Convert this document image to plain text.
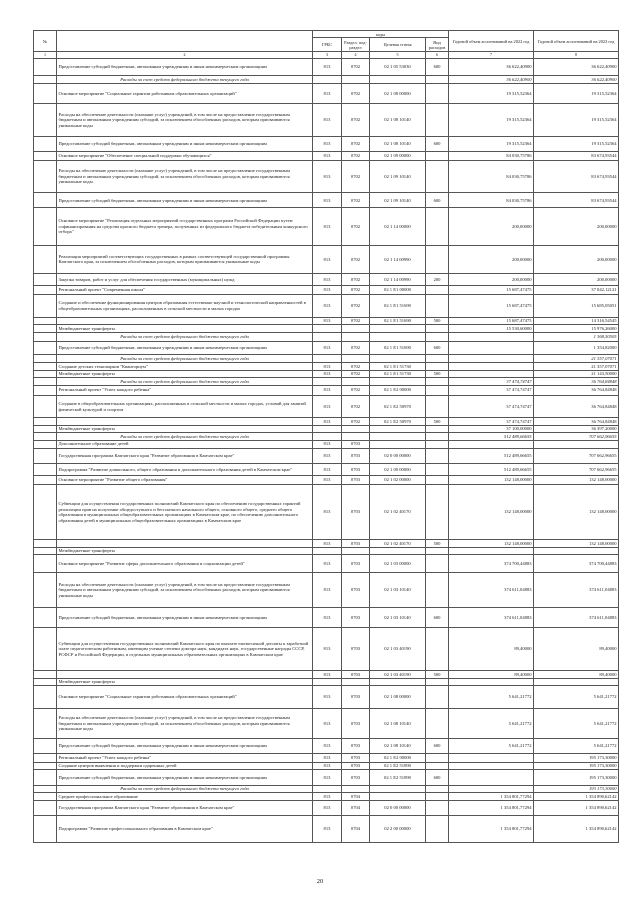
№		коды				Годовой объем ассигнований на 2022 год	Годовой объем ассигнований на 2023 год
		ГРБС	Раздел, под-раздел	Целевая статья	Вид расходов		
1	2	3	4	5	6	7	8
	Предоставление субсидий бюджетным, автономным учреждениям и иным некоммерческим организациям	813	0702	02 1 05 53030	600	36 622,40900	36 622,40900
	Расходы за счет средств федерального бюджета текущего года					36 622,40900	36 622,40900
	Основное мероприятие "Социальные гарантии работникам образовательных организаций"	813	0702	02 1 08 00000		19 315,52364	19 315,52364
	Расходы на обеспечение деятельности (оказание услуг) учреждений, в том числе на предоставление государственным бюджетным и автономным учреждениям субсидий, за исключением обособленных расходов, которым присваиваются уникальные коды	813	0702	02 1 08 10140		19 315,52364	19 315,52364
	Предоставление субсидий бюджетным, автономным учреждениям и иным некоммерческим организациям	813	0702	02 1 08 10140	600	19 315,52364	19 315,52364
	Основное мероприятие "Обеспечение специальной поддержки обучающихся"	813	0702	02 1 09 00000		84 030,75786	83 674,93544
	Расходы на обеспечение деятельности (оказание услуг) учреждений, в том числе на предоставление государственным бюджетным и автономным учреждениям субсидий, за исключением обособленных расходов, которым присваиваются уникальные коды	813	0702	02 1 09 10140		84 030,75786	83 674,93544
	Предоставление субсидий бюджетным, автономным учреждениям и иным некоммерческим организациям	813	0702	02 1 09 10140	600	84 030,75786	83 674,93544
	Основное мероприятие "Реализация отдельных мероприятий государственных программ Российской Федерации путем софинансирования на средства красного бюджета тренера, полученных из федерального бюджета победительным конкурсного отбора"	813	0702	02 1 14 00000		200,00000	200,00000
	Реализация мероприятий соответствующих государственных в рамках соответствующей государственной программы Камчатского края, за исключением обособленных расходов, которым присваиваются уникальные коды	813	0702	02 1 14 00990		200,00000	200,00000
	Закупка товаров, работ и услуг для обеспечения государственных (муниципальных) нужд	813	0702	02 1 14 00990	200	200,00000	200,00000
	Региональный проект "Современная школа"	813	0702	02 1 E1 00000		15 687,47475	37 042,12121
	Создание и обеспечение функционирования центров образования естественно-научной и технологической направленностей в общеобразовательных организациях, расположенных в сельской местности и малых городах	813	0702	02 1 E1 51690		15 687,47475	15 685,05051
		813	0702	02 1 E1 51690	500	15 687,47475	14 316,54545
	Межбюджетные трансферты					15 530,60000	15 976,26000
	Расходы за счет средств федерального бюджета текущего года						1 368,50505
	Предоставление субсидий бюджетным, автономным учреждениям и иным некоммерческим организациям	813	0702	02 1 E1 51690	600		1 354,82000
	Расходы за счет средств федерального бюджета текущего года						21 357,07071
	Создание детских технопарков "Кванториум"	813	0702	02 1 E1 51730			21 357,07071
	Межбюджетные трансферты	813	0702	02 1 E1 51730	500		21 143,50000
	Расходы за счет средств федерального бюджета текущего года					37 474,74747	36 764,84848
	Региональный проект "Успех каждого ребенка"	813	0702	02 1 E2 00000		37 474,74747	36 764,84848
	Создание в общеобразовательных организациях, расположенных в сельской местности и малых городах, условий для занятий физической культурой и спортом	813	0702	02 1 E2 50970		37 474,74747	36 764,84848
		813	0702	02 1 E2 50970	500	37 474,74747	36 764,84848
	Межбюджетные трансферты					37 100,00000	36 397,20000
	Расходы за счет средств федерального бюджета текущего года					512 489,66655	707 662,96655
	Дополнительное образование детей	813	0703				
	Государственная программа Камчатского края "Развитие образования в Камчатском крае"	813	0703	02 0 00 00000		512 489,66655	707 662,96655
	Подпрограмма "Развитие дошкольного, общего образования и дополнительного образования детей в Камчатском крае"	813	0703	02 1 00 00000		512 489,66655	707 662,96655
	Основное мероприятие "Развитие общего образования"	813	0703	02 1 02 00000		132 148,00000	132 148,00000
	Субвенции для осуществления государственных полномочий Камчатского края по обеспечению государственных гарантий реализации прав на получение общедоступного и бесплатного начального общего, основного общего, среднего общего образования в муниципальных общеобразовательных организациях в Камчатском крае, по обеспечению дополнительного образования детей в муниципальных общеобразовательных организациях в Камчатском крае	813	0703	02 1 02 40170		132 148,00000	132 148,00000
		813	0703	02 1 02 40170	500	132 148,00000	132 148,00000
	Межбюджетные трансферты						
	Основное мероприятие "Развитие сферы дополнительного образования и социализации детей"	813	0703	02 1 03 00000		374 700,44883	374 700,44883
	Расходы на обеспечение деятельности (оказание услуг) учреждений, в том числе на предоставление государственным бюджетным и автономным учреждениям субсидий, за исключением обособленных расходов, которым присваиваются уникальные коды	813	0703	02 1 03 10140		374 611,04883	374 611,04883
	Предоставление субсидий бюджетным, автономным учреждениям и иным некоммерческим организациям	813	0703	02 1 03 10140	600	374 611,04883	374 611,04883
	Субвенции для осуществления государственных полномочий Камчатского края по выплате ежемесячной доплаты к заработной плате педагогическим работникам, имеющим ученые степени доктора наук, кандидата наук, государственные награды СССР, РСФСР и Российской Федерации, в отдельных муниципальных образовательных организациях в Камчатском крае	813	0703	02 1 03 40190		89,40000	89,40000
		813	0703	02 1 03 40190	500	89,40000	89,40000
	Межбюджетные трансферты						
	Основное мероприятие "Социальные гарантии работникам образовательных организаций"	813	0703	02 1 08 00000		5 641,21772	5 641,21772
	Расходы на обеспечение деятельности (оказание услуг) учреждений, в том числе на предоставление государственным бюджетным и автономным учреждениям субсидий, за исключением обособленных расходов, которым присваиваются уникальные коды	813	0703	02 1 08 10140		5 641,21772	5 641,21772
	Предоставление субсидий бюджетным, автономным учреждениям и иным некоммерческим организациям	813	0703	02 1 08 10140	600	5 641,21772	5 641,21772
	Региональный проект "Успех каждого ребенка"	813	0703	02 1 E2 00000			195 173,30000
	Создание центров выявления и поддержки одаренных детей	813	0703	02 1 E2 51890			195 173,30000
	Предоставление субсидий бюджетным, автономным учреждениям и иным некоммерческим организациям	813	0703	02 1 E2 51890	600		195 173,30000
	Расходы за счет средств федерального бюджета текущего года						193 173,30000
	Среднее профессиональное образование	813	0704			1 354 801,77294	1 354 890,62142
	Государственная программа Камчатского края "Развитие образования в Камчатском крае"	813	0704	02 0 00 00000		1 354 801,77294	1 354 890,62142
	Подпрограмма "Развитие профессионального образования в Камчатском крае"	813	0704	02 2 00 00000		1 354 801,77294	1 354 890,62142
20
